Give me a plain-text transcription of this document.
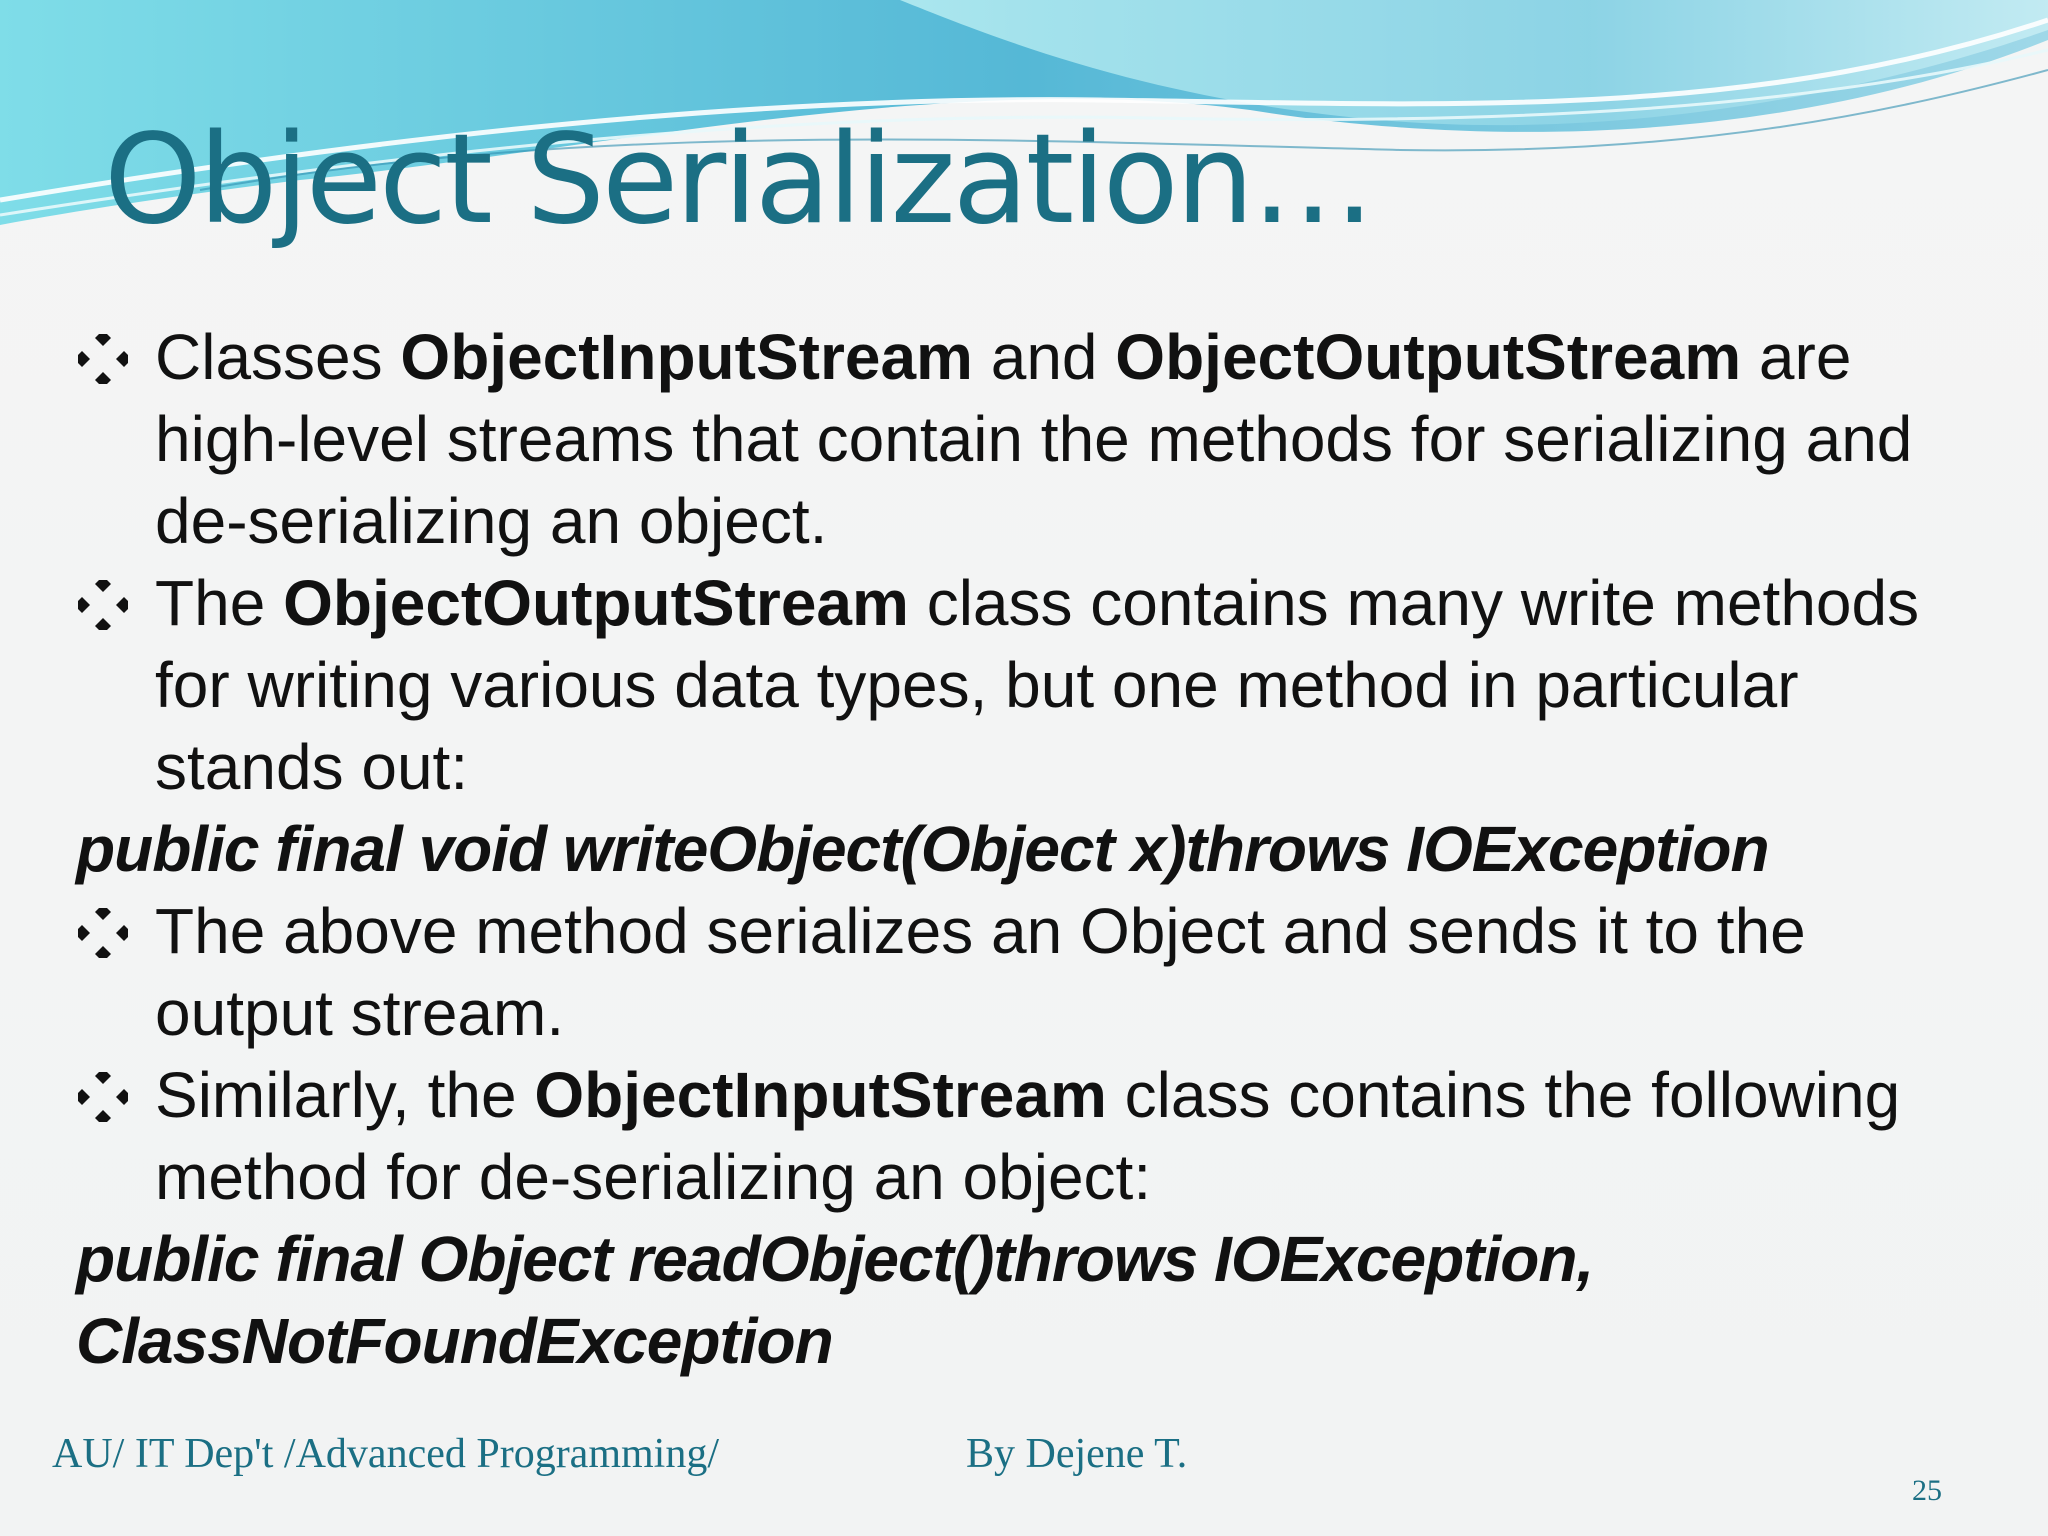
Object Serialization…
Classes ObjectInputStream and ObjectOutputStream are high-level streams that contain the methods for serializing and de-serializing an object.
The ObjectOutputStream class contains many write methods for writing various data types, but one method in particular stands out:
public final void writeObject(Object x)throws IOException
The above method serializes an Object and sends it to the output stream.
Similarly, the ObjectInputStream class contains the following method for de-serializing an object:
public final Object readObject()throws IOException, ClassNotFoundException
AU/ IT Dep't /Advanced Programming/	By Dejene T.
25
